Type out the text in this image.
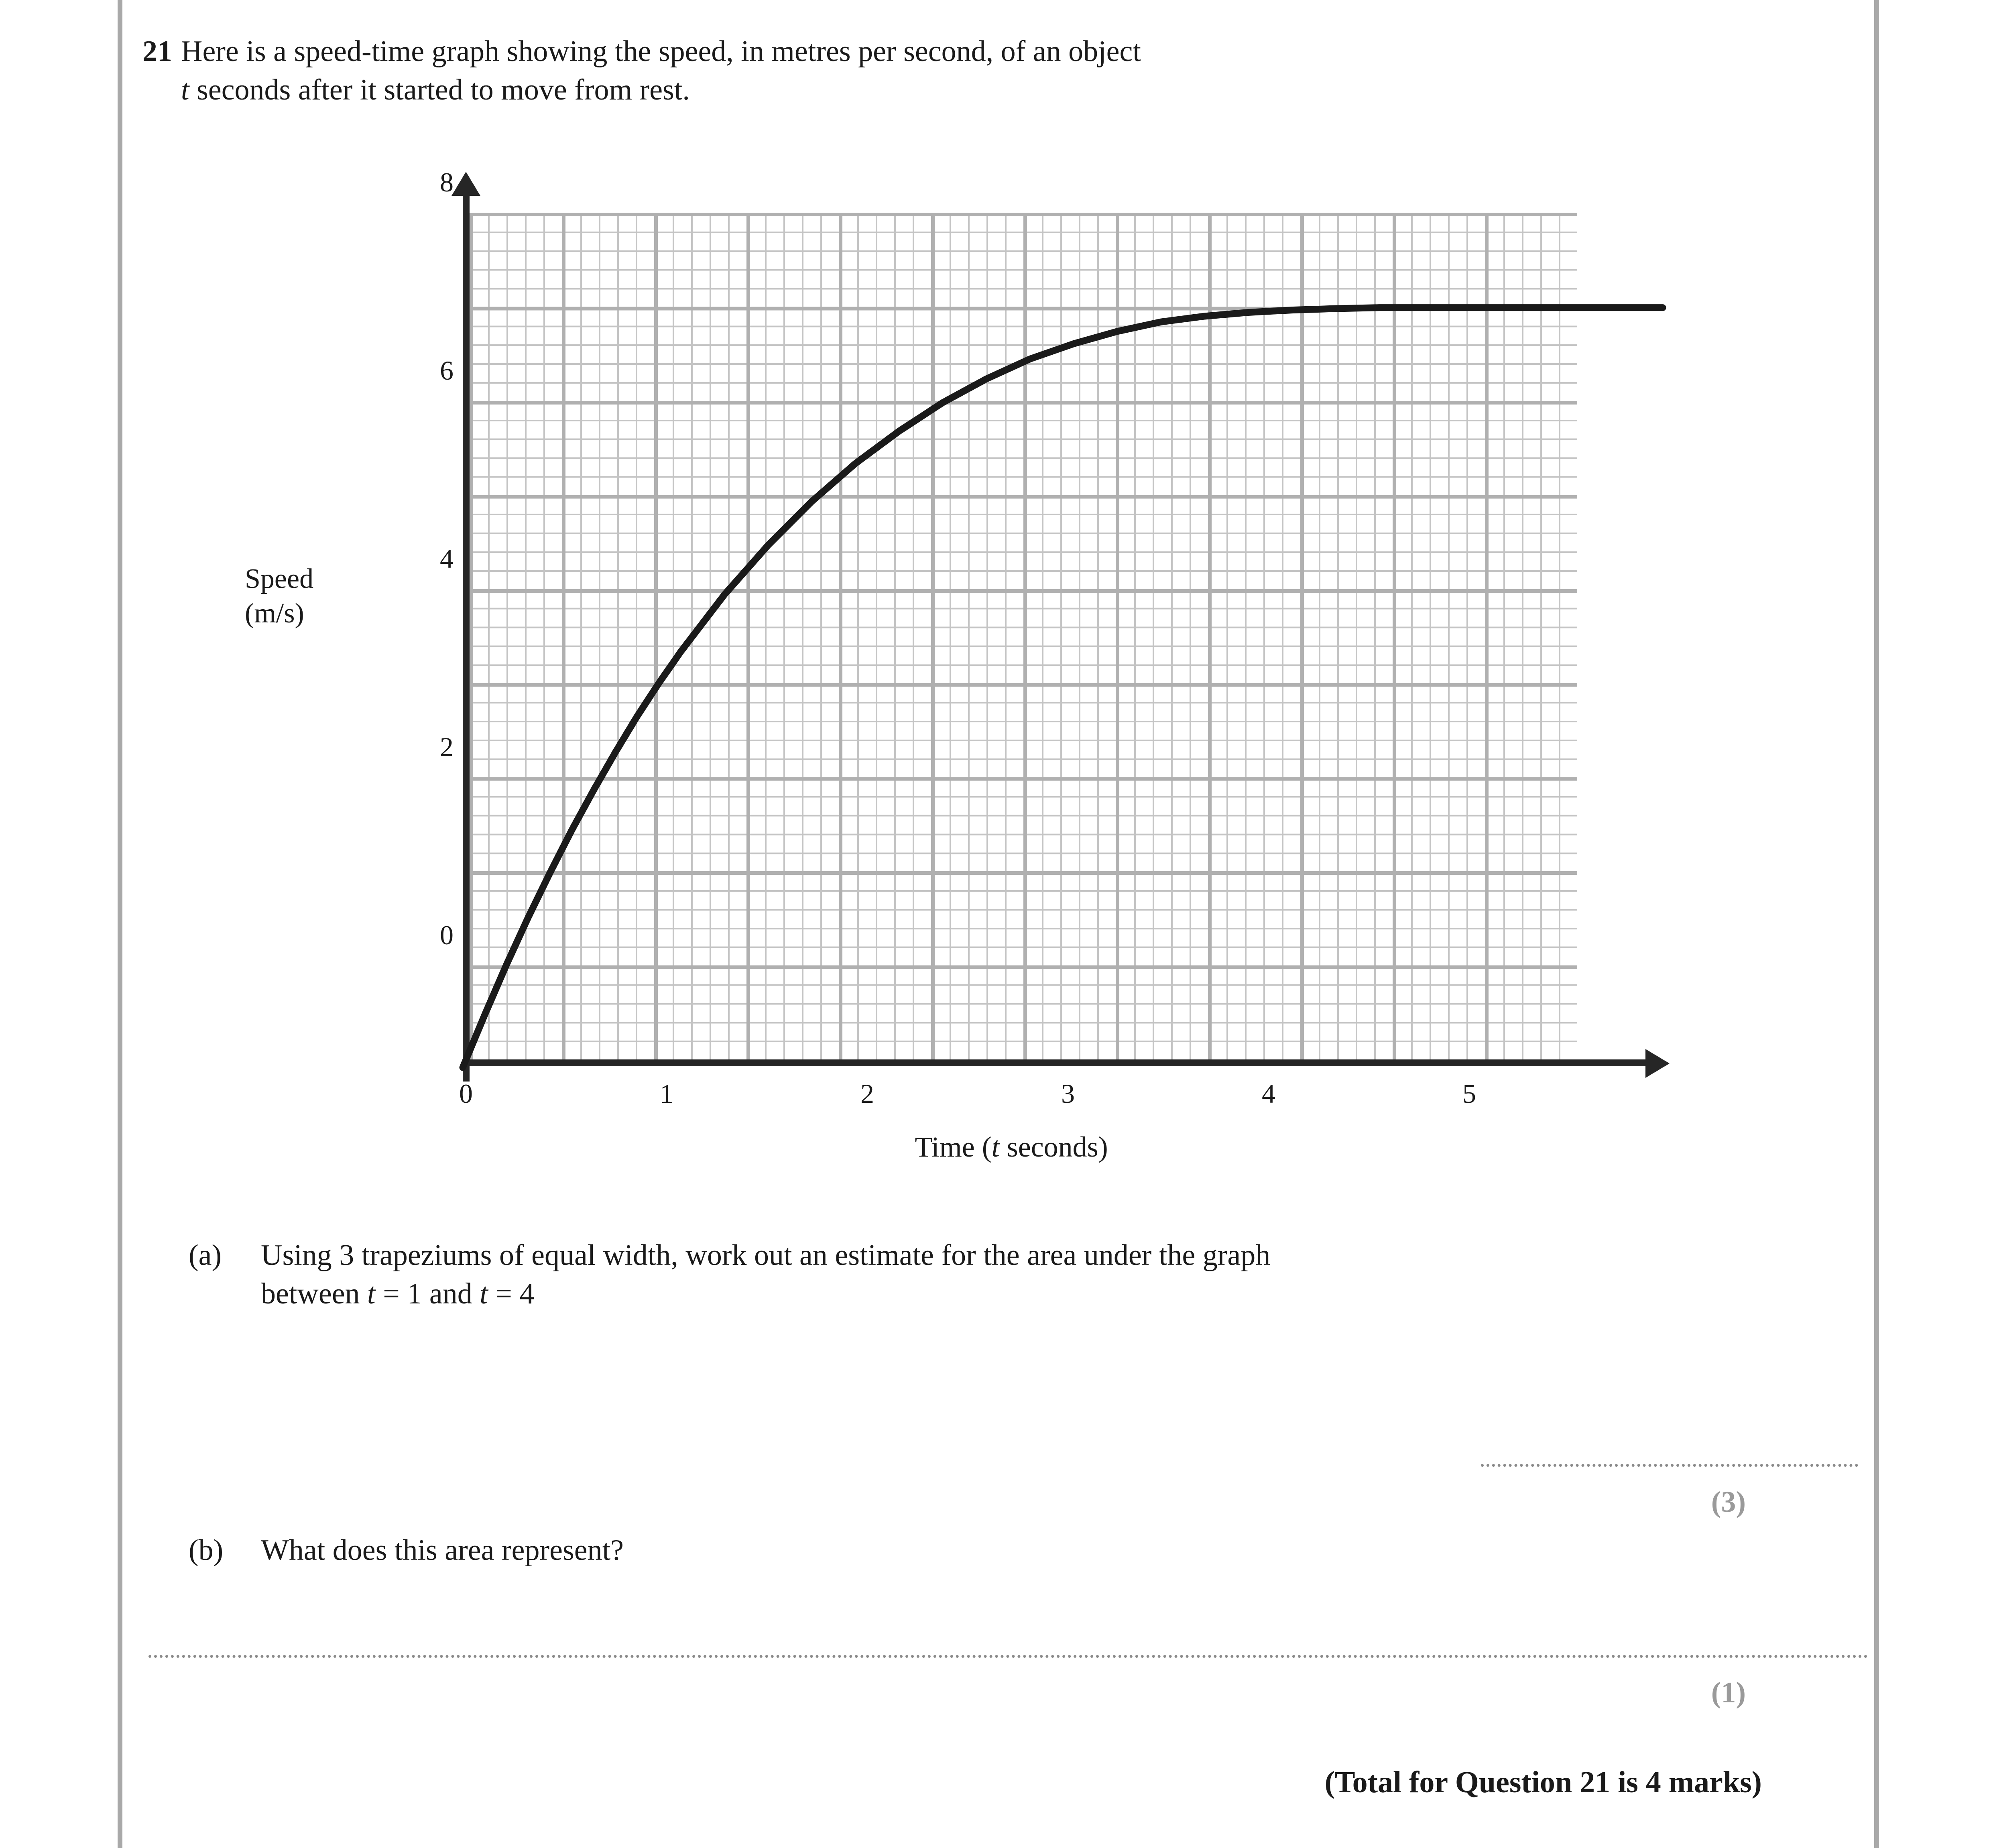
21 Here is a speed-time graph showing the speed, in metres per second, of an object
t seconds after it started to move from rest.
8
6
4
2
0
0	1	2	3	4	5
Speed
(m/s)
Time (t seconds)
(a)	Using 3 trapeziums of equal width, work out an estimate for the area under the graph
between t = 1 and t = 4
(3)
(b)	What does this area represent?
(1)
(Total for Question 21 is 4 marks)
